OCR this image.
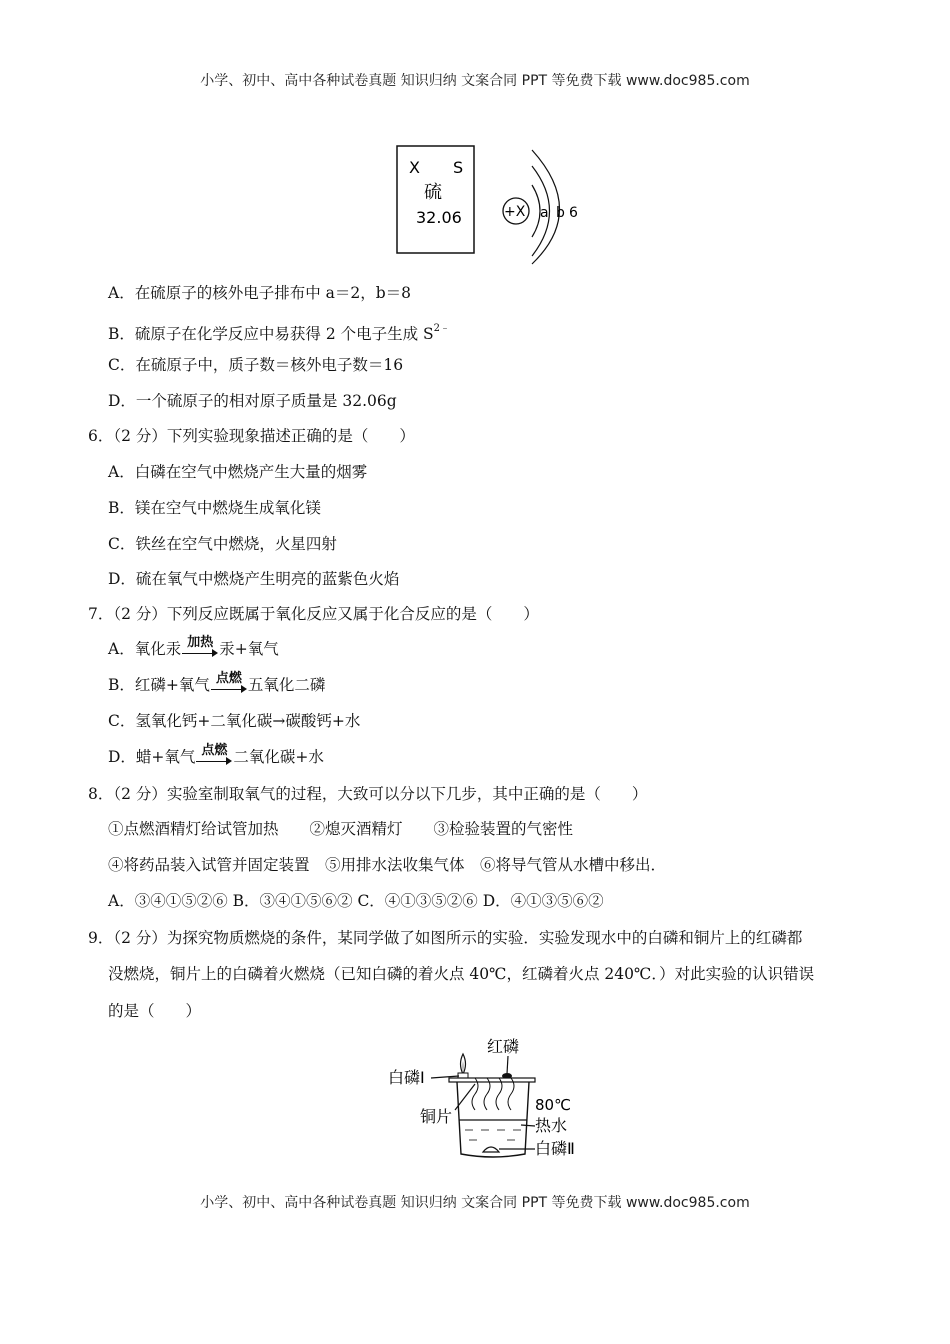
小学、初中、高中各种试卷真题 知识归纳 文案合同 PPT 等免费下载 www.doc985.com
X S
硫
32.06	+X a b 6
A．在硫原子的核外电子排布中 a＝2，b＝8
B．硫原子在化学反应中易获得 2 个电子生成 $S^{2﹣}$
C．在硫原子中，质子数＝核外电子数＝16
D．一个硫原子的相对原子质量是 32.06g
6．（2 分）下列实验现象描述正确的是（　　）
A．白磷在空气中燃烧产生大量的烟雾
B．镁在空气中燃烧生成氧化镁
C．铁丝在空气中燃烧，火星四射
D．硫在氧气中燃烧产生明亮的蓝紫色火焰
7．（2 分）下列反应既属于氧化反应又属于化合反应的是（　　）
A．氧化汞 加热 汞+氧气
B．红磷+氧气 点燃 五氧化二磷
C．氢氧化钙+二氧化碳→碳酸钙+水
D．蜡+氧气 点燃 二氧化碳+水
8．（2 分）实验室制取氧气的过程，大致可以分以下几步，其中正确的是（　　）
①点燃酒精灯给试管加热　　②熄灭酒精灯　　③检验装置的气密性
④将药品装入试管并固定装置　⑤用排水法收集气体　⑥将导气管从水槽中移出．
A．③④①⑤②⑥ B．③④①⑤⑥② C．④①③⑤②⑥ D．④①③⑤⑥②
9．（2 分）为探究物质燃烧的条件，某同学做了如图所示的实验．实验发现水中的白磷和铜片上的红磷都
没燃烧，铜片上的白磷着火燃烧（已知白磷的着火点 40℃，红磷着火点 240℃．）对此实验的认识错误
的是（　　）
红磷
白磷Ⅰ
铜片
80℃
热水
白磷Ⅱ
小学、初中、高中各种试卷真题 知识归纳 文案合同 PPT 等免费下载 www.doc985.com
